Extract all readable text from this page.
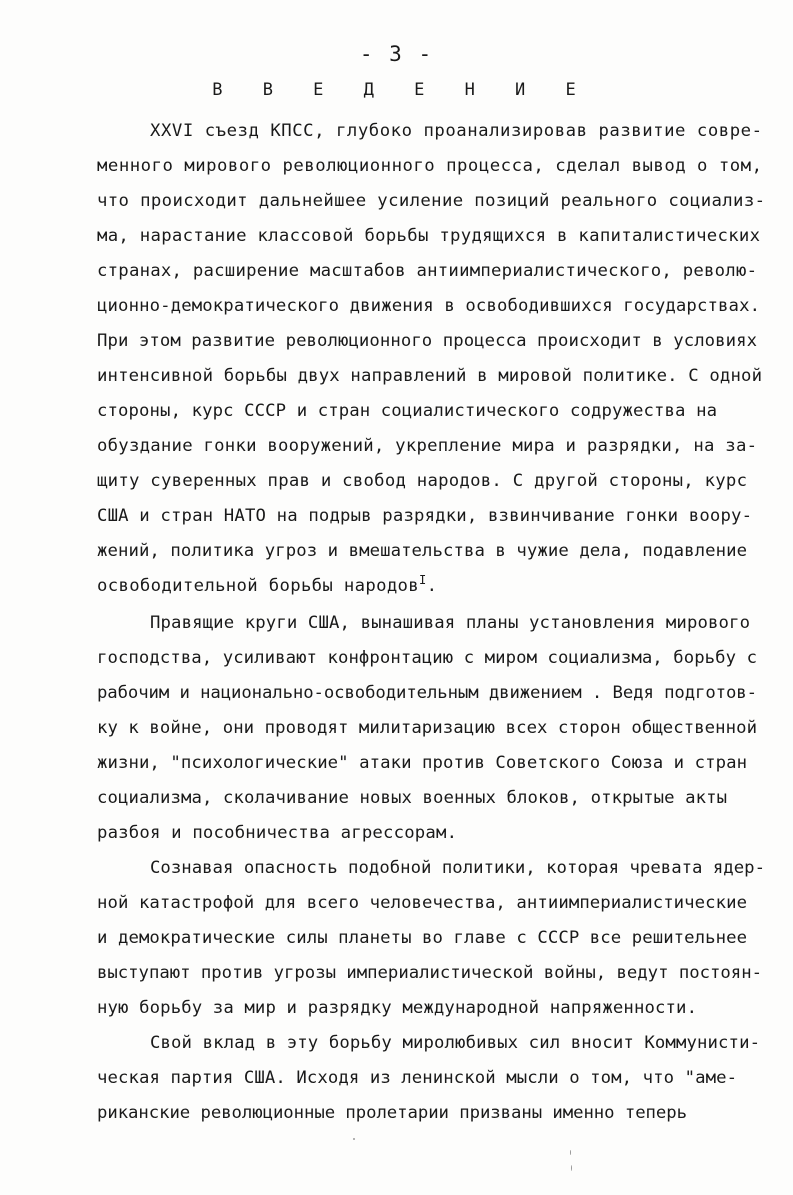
- 3 -
В В Е Д Е Н И Е
XXVI съезд КПСС, глубоко проанализировав развитие совре-
менного мирового революционного процесса, сделал вывод о том,
что происходит дальнейшее усиление позиций реального социализ-
ма, нарастание классовой борьбы трудящихся в капиталистических
странах, расширение масштабов антиимпериалистического, револю-
ционно-демократического движения в освободившихся государствах.
При этом развитие революционного процесса происходит в условиях
интенсивной борьбы двух направлений в мировой политике. С одной
стороны, курс СССР и стран социалистического содружества на
обуздание гонки вооружений, укрепление мира и разрядки, на за-
щиту суверенных прав и свобод народов. С другой стороны, курс
США и стран НАТО на подрыв разрядки, взвинчивание гонки воору-
жений, политика угроз и вмешательства в чужие дела, подавление
освободительной борьбы народов$^I$.
Правящие круги США, вынашивая планы установления мирового
господства, усиливают конфронтацию с миром социализма, борьбу с
рабочим и национально-освободительным движением . Ведя подготов-
ку к войне, они проводят милитаризацию всех сторон общественной
жизни, "психологические" атаки против Советского Союза и стран
социализма, сколачивание новых военных блоков, открытые акты
разбоя и пособничества агрессорам.
Сознавая опасность подобной политики, которая чревата ядер-
ной катастрофой для всего человечества, антиимпериалистические
и демократические силы планеты во главе с СССР все решительнее
выступают против угрозы империалистической войны, ведут постоян-
ную борьбу за мир и разрядку международной напряженности.
Свой вклад в эту борьбу миролюбивых сил вносит Коммунисти-
ческая партия США. Исходя из ленинской мысли о том, что "аме-
риканские революционные пролетарии призваны именно теперь
